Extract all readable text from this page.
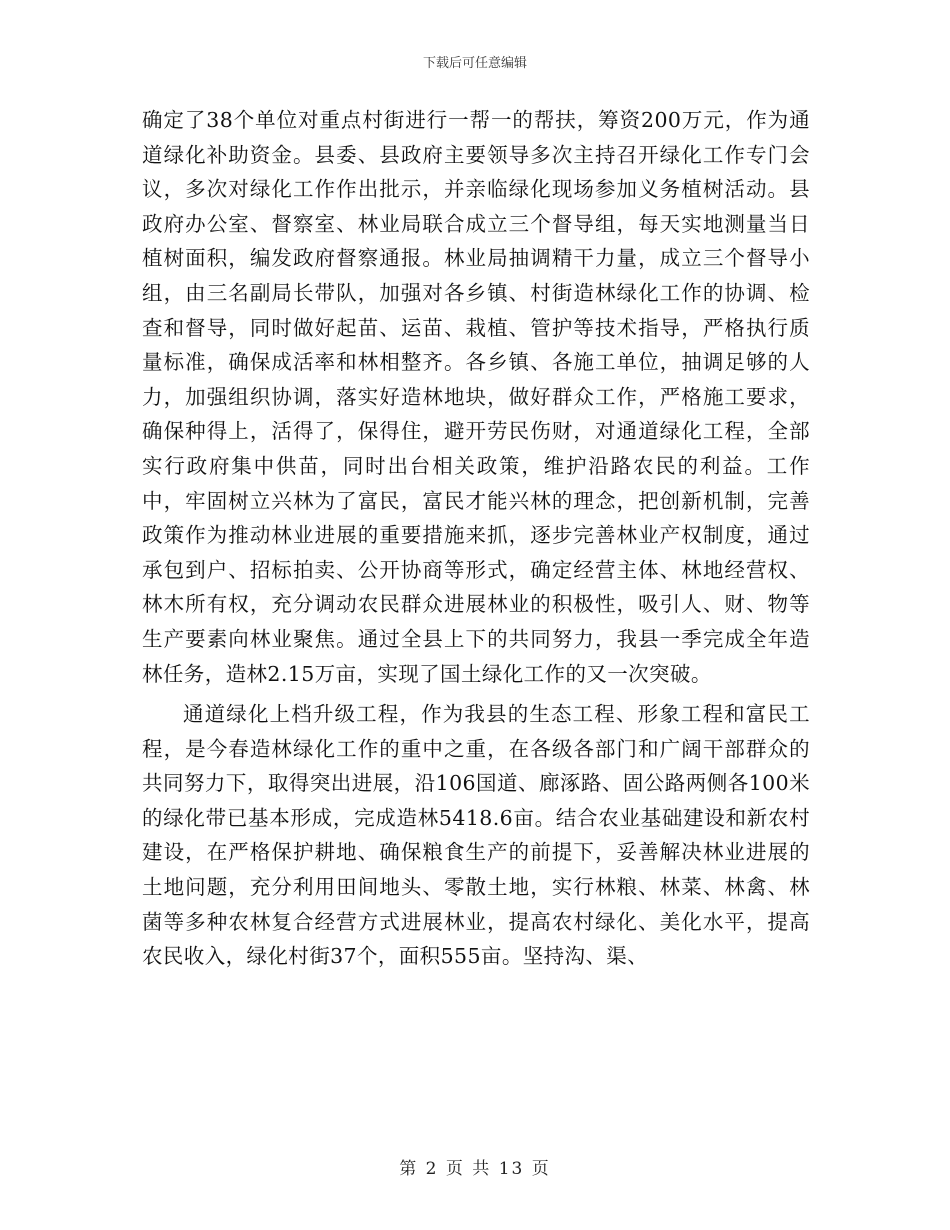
下载后可任意编辑

确定了38个单位对重点村街进行一帮一的帮扶，筹资200万元，作为通道绿化补助资金。县委、县政府主要领导多次主持召开绿化工作专门会议，多次对绿化工作作出批示，并亲临绿化现场参加义务植树活动。县政府办公室、督察室、林业局联合成立三个督导组，每天实地测量当日植树面积，编发政府督察通报。林业局抽调精干力量，成立三个督导小组，由三名副局长带队，加强对各乡镇、村街造林绿化工作的协调、检查和督导，同时做好起苗、运苗、栽植、管护等技术指导，严格执行质量标准，确保成活率和林相整齐。各乡镇、各施工单位，抽调足够的人力，加强组织协调，落实好造林地块，做好群众工作，严格施工要求，确保种得上，活得了，保得住，避开劳民伤财，对通道绿化工程，全部实行政府集中供苗，同时出台相关政策，维护沿路农民的利益。工作中，牢固树立兴林为了富民，富民才能兴林的理念，把创新机制，完善政策作为推动林业进展的重要措施来抓，逐步完善林业产权制度，通过承包到户、招标拍卖、公开协商等形式，确定经营主体、林地经营权、林木所有权，充分调动农民群众进展林业的积极性，吸引人、财、物等生产要素向林业聚焦。通过全县上下的共同努力，我县一季完成全年造林任务，造林2.15万亩，实现了国土绿化工作的又一次突破。

通道绿化上档升级工程，作为我县的生态工程、形象工程和富民工程，是今春造林绿化工作的重中之重，在各级各部门和广阔干部群众的共同努力下，取得突出进展，沿106国道、廊涿路、固公路两侧各100米的绿化带已基本形成，完成造林5418.6亩。结合农业基础建设和新农村建设，在严格保护耕地、确保粮食生产的前提下，妥善解决林业进展的土地问题，充分利用田间地头、零散土地，实行林粮、林菜、林禽、林菌等多种农林复合经营方式进展林业，提高农村绿化、美化水平，提高农民收入，绿化村街37个，面积555亩。坚持沟、渠、

第 2 页 共 13 页
